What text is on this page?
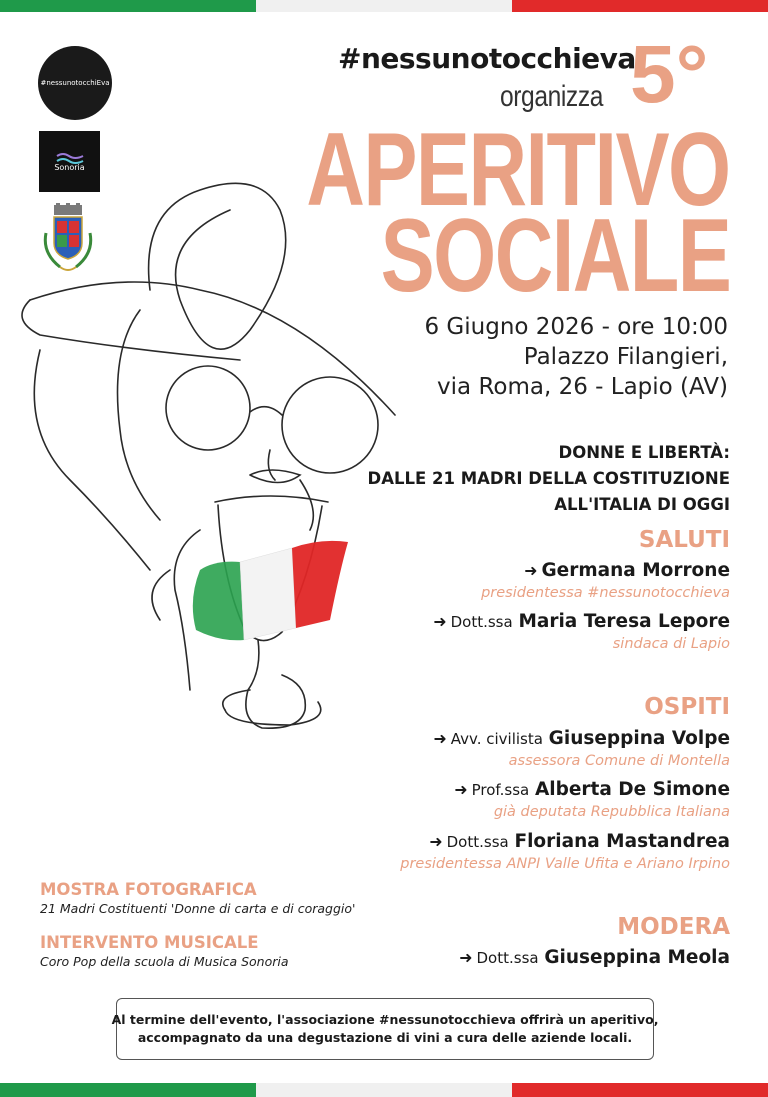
#nessunotocchiEva
Sonoria
#nessunotocchieva
organizza 5°
APERITIVO
SOCIALE
6 Giugno 2026 - ore 10:00
Palazzo Filangieri,
via Roma, 26 - Lapio (AV)
DONNE E LIBERTÀ:
DALLE 21 MADRI DELLA COSTITUZIONE
ALL'ITALIA DI OGGI
SALUTI
➜ Germana Morrone
presidentessa #nessunotocchieva
➜ Dott.ssa Maria Teresa Lepore
sindaca di Lapio
OSPITI
➜ Avv. civilista Giuseppina Volpe
assessora Comune di Montella
➜ Prof.ssa Alberta De Simone
già deputata Repubblica Italiana
➜ Dott.ssa Floriana Mastandrea
presidentessa ANPI Valle Ufita e Ariano Irpino
MODERA
➜ Dott.ssa Giuseppina Meola
MOSTRA FOTOGRAFICA
21 Madri Costituenti 'Donne di carta e di coraggio'
INTERVENTO MUSICALE
Coro Pop della scuola di Musica Sonoria
Al termine dell'evento, l'associazione #nessunotocchieva offrirà un aperitivo,
accompagnato da una degustazione di vini a cura delle aziende locali.
